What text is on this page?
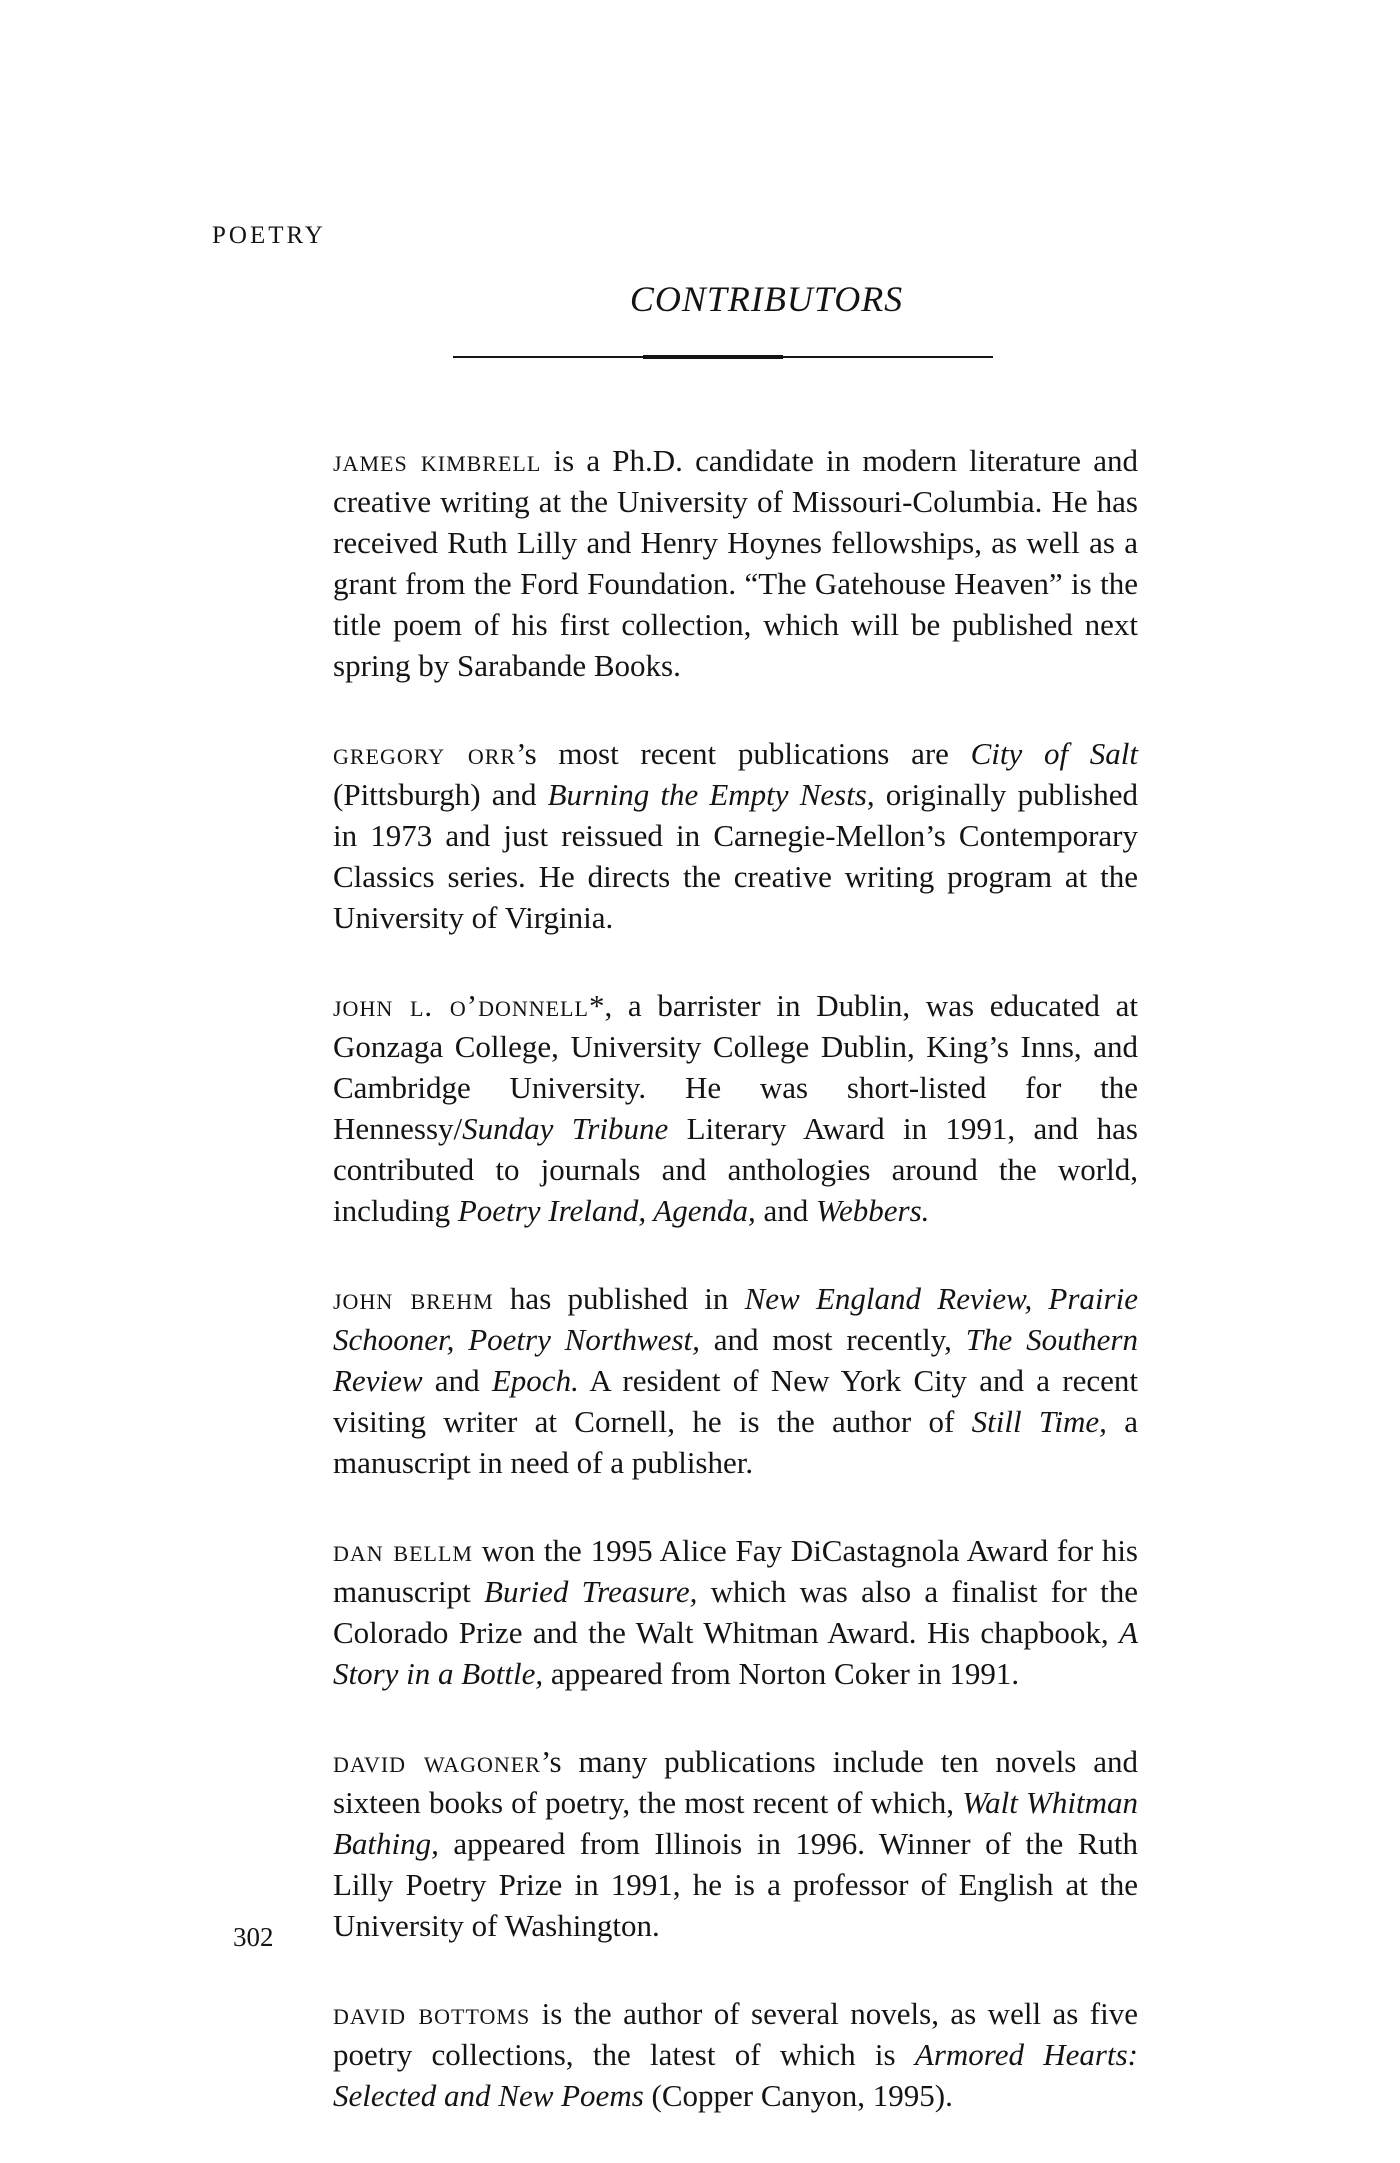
POETRY
CONTRIBUTORS

james kimbrell is a Ph.D. candidate in modern literature and creative writing at the University of Missouri-Columbia. He has received Ruth Lilly and Henry Hoynes fellowships, as well as a grant from the Ford Foundation. “The Gatehouse Heaven” is the title poem of his first collection, which will be published next spring by Sarabande Books.

gregory orr’s most recent publications are City of Salt (Pittsburgh) and Burning the Empty Nests, originally published in 1973 and just reissued in Carnegie-Mellon’s Contemporary Classics series. He directs the creative writing program at the University of Virginia.

john l. o’donnell*, a barrister in Dublin, was educated at Gonzaga College, University College Dublin, King’s Inns, and Cambridge University. He was short-listed for the Hennessy/Sunday Tribune Literary Award in 1991, and has contributed to journals and anthologies around the world, including Poetry Ireland, Agenda, and Webbers.

john brehm has published in New England Review, Prairie Schooner, Poetry Northwest, and most recently, The Southern Review and Epoch. A resident of New York City and a recent visiting writer at Cornell, he is the author of Still Time, a manuscript in need of a publisher.

dan bellm won the 1995 Alice Fay DiCastagnola Award for his manuscript Buried Treasure, which was also a finalist for the Colorado Prize and the Walt Whitman Award. His chapbook, A Story in a Bottle, appeared from Norton Coker in 1991.

david wagoner’s many publications include ten novels and sixteen books of poetry, the most recent of which, Walt Whitman Bathing, appeared from Illinois in 1996. Winner of the Ruth Lilly Poetry Prize in 1991, he is a professor of English at the University of Washington.

david bottoms is the author of several novels, as well as five poetry collections, the latest of which is Armored Hearts: Selected and New Poems (Copper Canyon, 1995).

302
